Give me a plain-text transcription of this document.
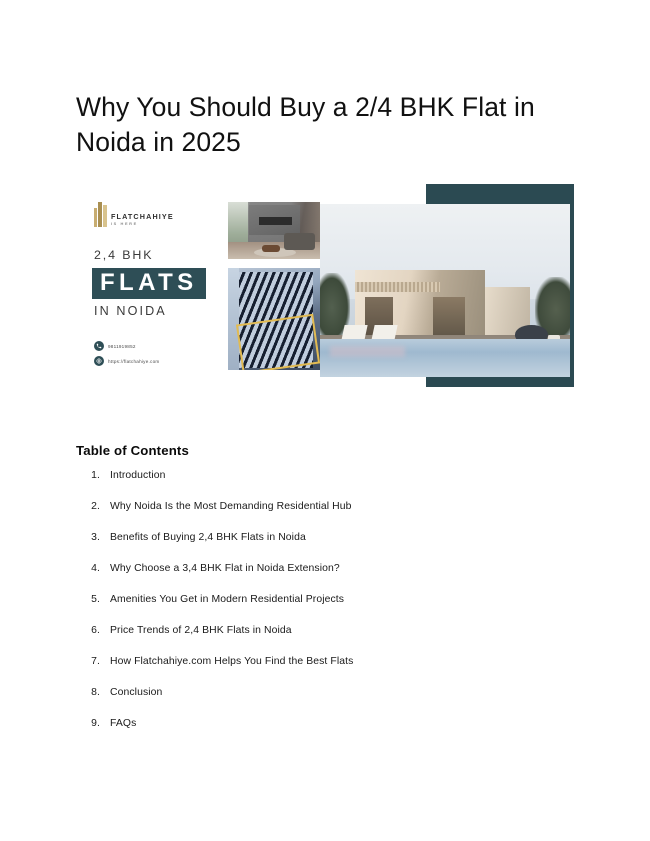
Why You Should Buy a 2/4 BHK Flat in Noida in 2025
FLATCHAHIYE
IS HERE
2,4 BHK
FLATS
IN NOIDA
9811919852
https://flatchahiye.com
Table of Contents
1. Introduction
2. Why Noida Is the Most Demanding Residential Hub
3. Benefits of Buying 2,4 BHK Flats in Noida
4. Why Choose a 3,4 BHK Flat in Noida Extension?
5. Amenities You Get in Modern Residential Projects
6. Price Trends of 2,4 BHK Flats in Noida
7. How Flatchahiye.com Helps You Find the Best Flats
8. Conclusion
9. FAQs
